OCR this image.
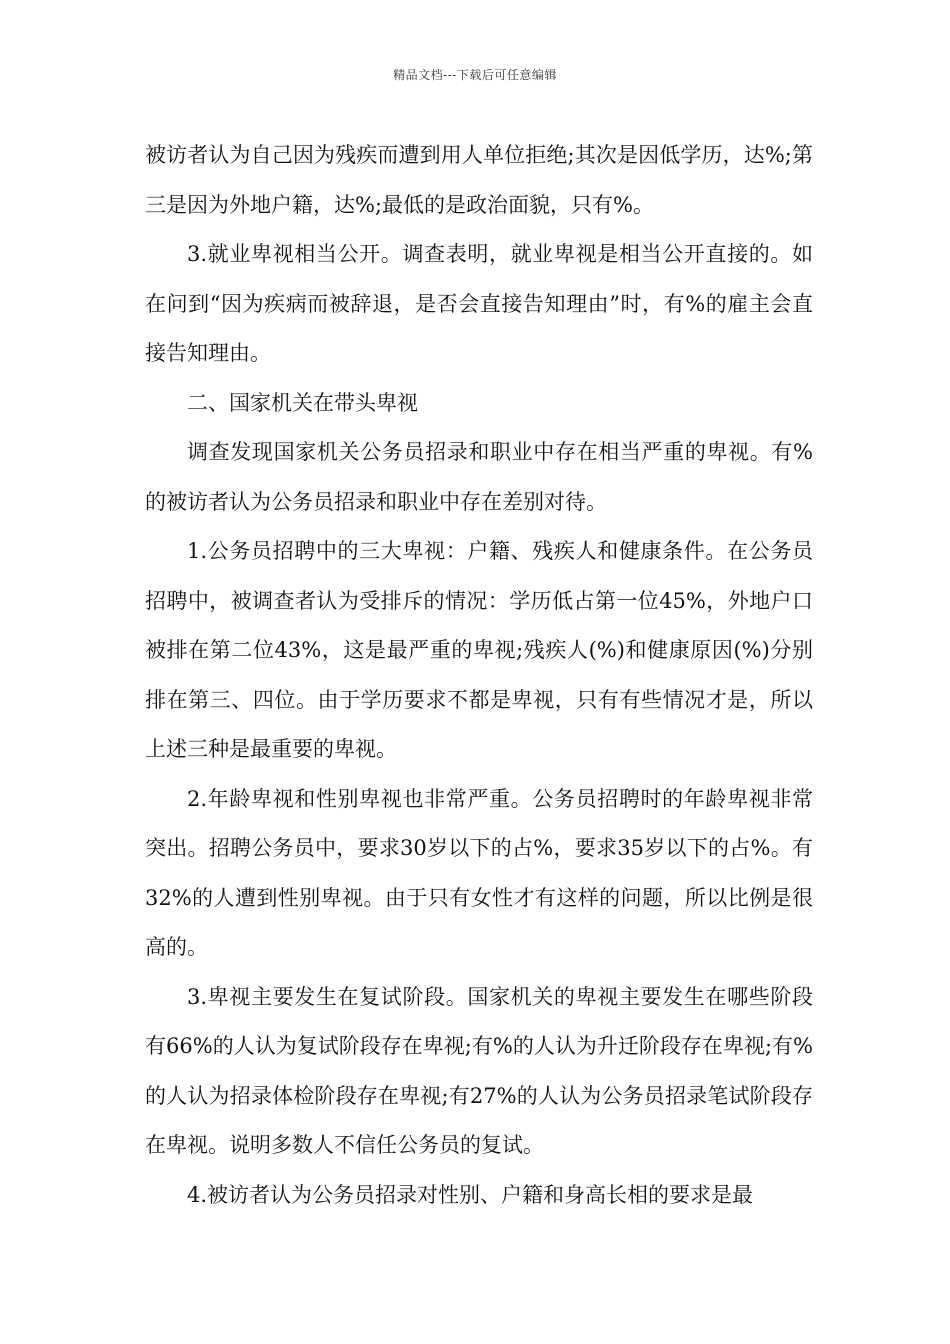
精品文档---下载后可任意编辑

被访者认为自己因为残疾而遭到用人单位拒绝;其次是因低学历，达%;第三是因为外地户籍，达%;最低的是政治面貌，只有%。

3.就业卑视相当公开。调查表明，就业卑视是相当公开直接的。如在问到“因为疾病而被辞退，是否会直接告知理由”时，有%的雇主会直接告知理由。

二、国家机关在带头卑视

调查发现国家机关公务员招录和职业中存在相当严重的卑视。有%的被访者认为公务员招录和职业中存在差别对待。

1.公务员招聘中的三大卑视：户籍、残疾人和健康条件。在公务员招聘中，被调查者认为受排斥的情况：学历低占第一位45%，外地户口被排在第二位43%，这是最严重的卑视;残疾人(%)和健康原因(%)分别排在第三、四位。由于学历要求不都是卑视，只有有些情况才是，所以上述三种是最重要的卑视。

2.年龄卑视和性别卑视也非常严重。公务员招聘时的年龄卑视非常突出。招聘公务员中，要求30岁以下的占%，要求35岁以下的占%。有32%的人遭到性别卑视。由于只有女性才有这样的问题，所以比例是很高的。

3.卑视主要发生在复试阶段。国家机关的卑视主要发生在哪些阶段有66%的人认为复试阶段存在卑视;有%的人认为升迁阶段存在卑视;有%的人认为招录体检阶段存在卑视;有27%的人认为公务员招录笔试阶段存在卑视。说明多数人不信任公务员的复试。

4.被访者认为公务员招录对性别、户籍和身高长相的要求是最
